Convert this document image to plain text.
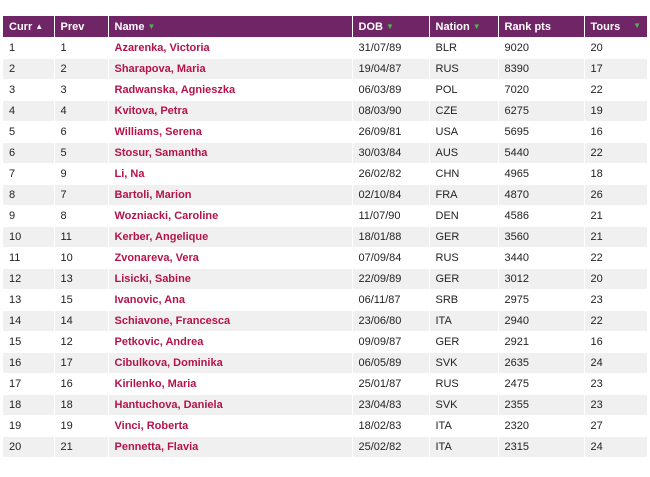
Curr ▲	Prev	Name ▼	DOB ▼	Nation ▼	Rank pts	Tours ▼

1	1	Azarenka, Victoria	31/07/89	BLR	9020	20
2	2	Sharapova, Maria	19/04/87	RUS	8390	17
3	3	Radwanska, Agnieszka	06/03/89	POL	7020	22
4	4	Kvitova, Petra	08/03/90	CZE	6275	19
5	6	Williams, Serena	26/09/81	USA	5695	16
6	5	Stosur, Samantha	30/03/84	AUS	5440	22
7	9	Li, Na	26/02/82	CHN	4965	18
8	7	Bartoli, Marion	02/10/84	FRA	4870	26
9	8	Wozniacki, Caroline	11/07/90	DEN	4586	21
10	11	Kerber, Angelique	18/01/88	GER	3560	21
11	10	Zvonareva, Vera	07/09/84	RUS	3440	22
12	13	Lisicki, Sabine	22/09/89	GER	3012	20
13	15	Ivanovic, Ana	06/11/87	SRB	2975	23
14	14	Schiavone, Francesca	23/06/80	ITA	2940	22
15	12	Petkovic, Andrea	09/09/87	GER	2921	16
16	17	Cibulkova, Dominika	06/05/89	SVK	2635	24
17	16	Kirilenko, Maria	25/01/87	RUS	2475	23
18	18	Hantuchova, Daniela	23/04/83	SVK	2355	23
19	19	Vinci, Roberta	18/02/83	ITA	2320	27
20	21	Pennetta, Flavia	25/02/82	ITA	2315	24
